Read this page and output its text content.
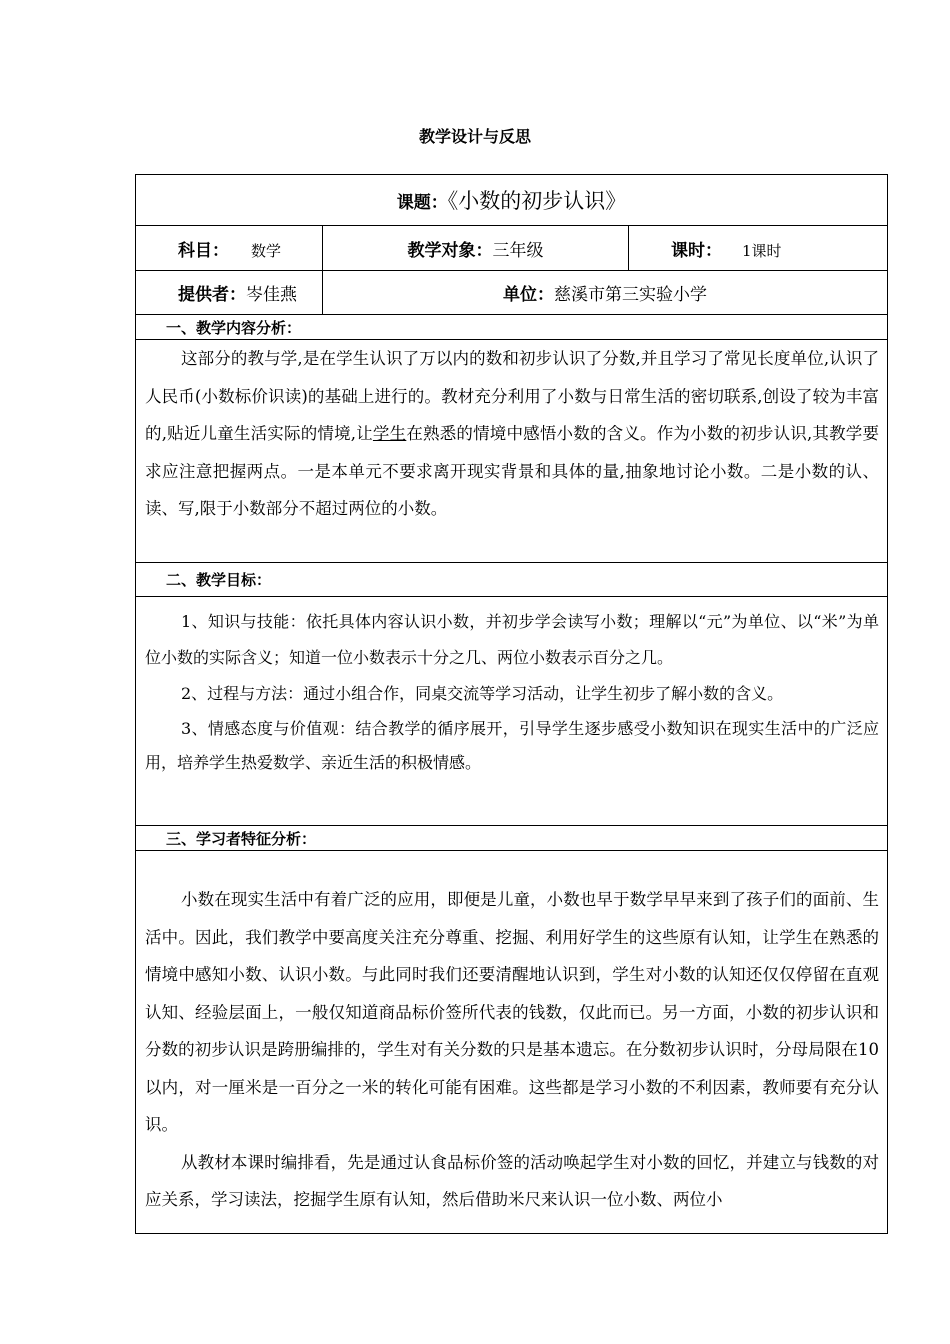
教学设计与反思
课题：《小数的初步认识》		
科目： 数学	教学对象：三年级	课时： 1课时
提供者：岑佳燕	单位：慈溪市第三实验小学	
一、教学内容分析：		

这部分的教与学,是在学生认识了万以内的数和初步认识了分数,并且学习了常见长度单位,认识了人民币(小数标价识读)的基础上进行的。教材充分利用了小数与日常生活的密切联系,创设了较为丰富的,贴近儿童生活实际的情境,让学生在熟悉的情境中感悟小数的含义。作为小数的初步认识,其教学要求应注意把握两点。一是本单元不要求离开现实背景和具体的量,抽象地讨论小数。二是小数的认、读、写,限于小数部分不超过两位的小数。		

二、教学目标：		

1、知识与技能：依托具体内容认识小数，并初步学会读写小数；理解以“元”为单位、以“米”为单位小数的实际含义；知道一位小数表示十分之几、两位小数表示百分之几。

2、过程与方法：通过小组合作，同桌交流等学习活动，让学生初步了解小数的含义。

3、情感态度与价值观：结合教学的循序展开，引导学生逐步感受小数知识在现实生活中的广泛应用，培养学生热爱数学、亲近生活的积极情感。		

三、学习者特征分析：		

小数在现实生活中有着广泛的应用，即便是儿童，小数也早于数学早早来到了孩子们的面前、生活中。因此，我们教学中要高度关注充分尊重、挖掘、利用好学生的这些原有认知，让学生在熟悉的情境中感知小数、认识小数。与此同时我们还要清醒地认识到，学生对小数的认知还仅仅停留在直观认知、经验层面上，一般仅知道商品标价签所代表的钱数，仅此而已。另一方面，小数的初步认识和分数的初步认识是跨册编排的，学生对有关分数的只是基本遗忘。在分数初步认识时，分母局限在10以内，对一厘米是一百分之一米的转化可能有困难。这些都是学习小数的不利因素，教师要有充分认识。

从教材本课时编排看，先是通过认食品标价签的活动唤起学生对小数的回忆，并建立与钱数的对应关系，学习读法，挖掘学生原有认知，然后借助米尺来认识一位小数、两位小		
